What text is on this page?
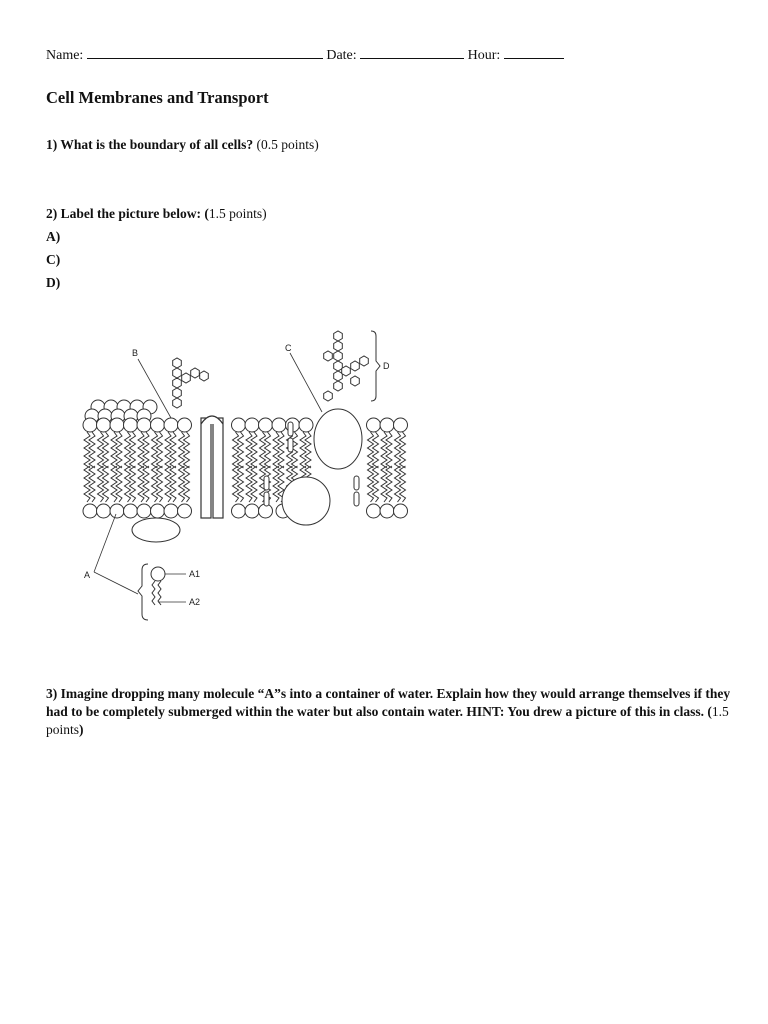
Name:	Date:	Hour:
Cell Membranes and Transport
1) What is the boundary of all cells? (0.5 points)
2) Label the picture below: (1.5 points)
A)
C)
D)
B	C
D
A	A1
A2
3) Imagine dropping many molecule “A”s into a container of water. Explain how they would arrange themselves if they had to be completely submerged within the water but also contain water. HINT: You drew a picture of this in class. (1.5 points)
